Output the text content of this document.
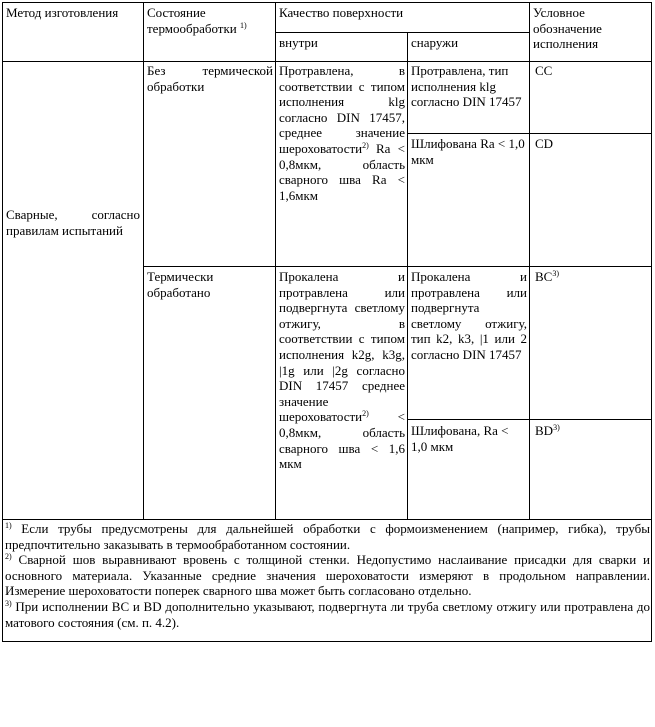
Метод изготовления	Состояние термообработки $^{1)}$
Качество поверхности
внутри	снаружи
Условное обозначение исполнения
Сварные, согласно правилам испытаний
Без термической обработки
Протравлена, в соответствии с типом исполнения klg согласно DIN 17457, среднее значение шероховатости$^{2)}$ Ra < 0,8мкм, область сварного шва Ra < 1,6мкм
Протравлена, тип исполнения klg согласно DIN 17457
CC
Шлифована Ra < 1,0 мкм
CD
Термически обработано
Прокалена и протравлена или подвергнута светлому отжигу, в соответствии с типом исполнения k2g, k3g, |1g или |2g согласно DIN 17457 среднее значение шероховатости$^{2)}$ < 0,8мкм, область сварного шва < 1,6 мкм
Прокалена и протравлена или подвергнута светлому отжигу, тип k2, k3, |1 или 2 согласно DIN 17457
BC$^{3)}$
Шлифована, Ra < 1,0 мкм
BD$^{3)}$

$^{1)}$ Если трубы предусмотрены для дальнейшей обработки с формоизменением (например, гибка), трубы предпочтительно заказывать в термообработанном состоянии.

$^{2)}$ Сварной шов выравнивают вровень с толщиной стенки. Недопустимо наслаивание присадки для сварки и основного материала. Указанные средние значения шероховатости измеряют в продольном направлении. Измерение шероховатости поперек сварного шва может быть согласовано отдельно.

$^{3)}$ При исполнении BC и BD дополнительно указывают, подвергнута ли труба светлому отжигу или протравлена до матового состояния (см. п. 4.2).
